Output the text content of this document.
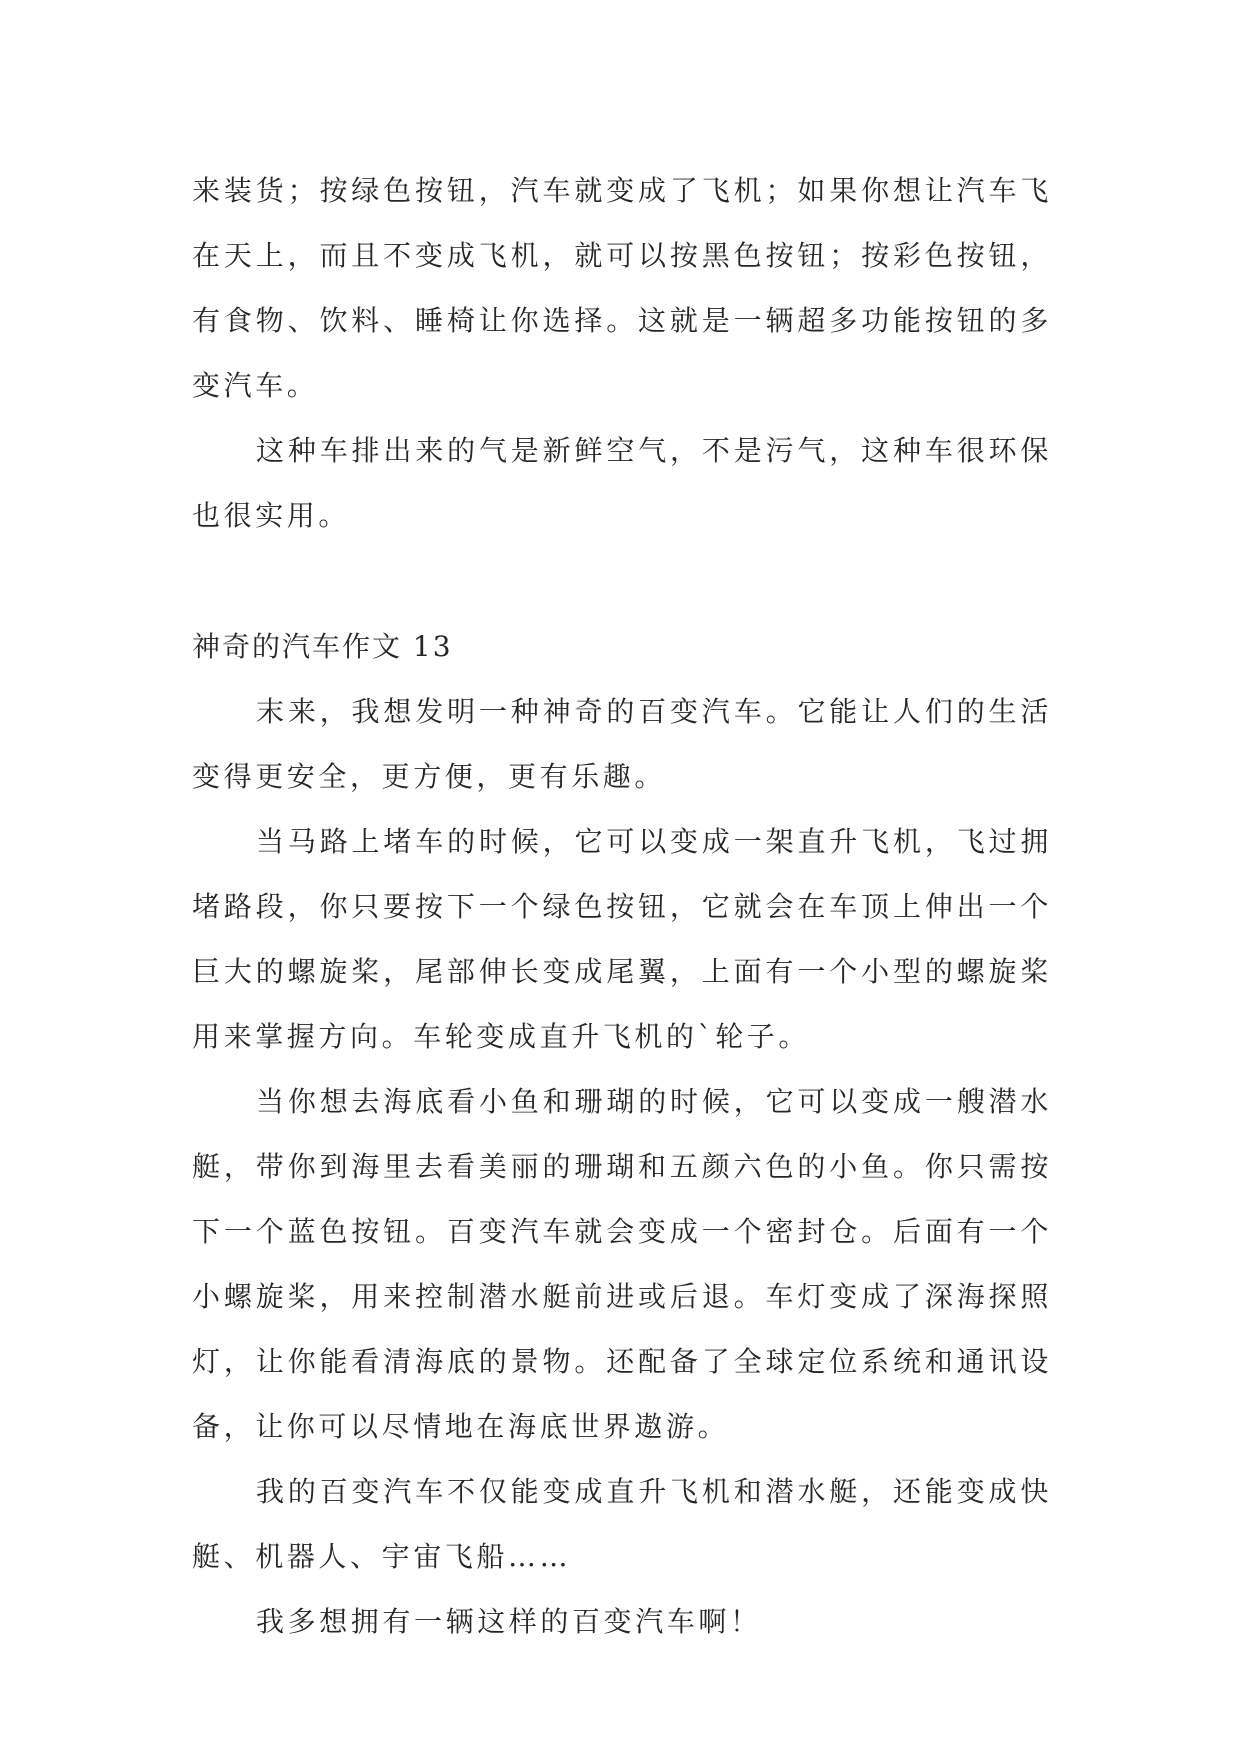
来装货；按绿色按钮，汽车就变成了飞机；如果你想让汽车飞在天上，而且不变成飞机，就可以按黑色按钮；按彩色按钮，有食物、饮料、睡椅让你选择。这就是一辆超多功能按钮的多变汽车。

这种车排出来的气是新鲜空气，不是污气，这种车很环保也很实用。

神奇的汽车作文 13

末来，我想发明一种神奇的百变汽车。它能让人们的生活变得更安全，更方便，更有乐趣。

当马路上堵车的时候，它可以变成一架直升飞机，飞过拥堵路段，你只要按下一个绿色按钮，它就会在车顶上伸出一个巨大的螺旋桨，尾部伸长变成尾翼，上面有一个小型的螺旋桨用来掌握方向。车轮变成直升飞机的`轮子。

当你想去海底看小鱼和珊瑚的时候，它可以变成一艘潜水艇，带你到海里去看美丽的珊瑚和五颜六色的小鱼。你只需按下一个蓝色按钮。百变汽车就会变成一个密封仓。后面有一个小螺旋桨，用来控制潜水艇前进或后退。车灯变成了深海探照灯，让你能看清海底的景物。还配备了全球定位系统和通讯设备，让你可以尽情地在海底世界遨游。

我的百变汽车不仅能变成直升飞机和潜水艇，还能变成快艇、机器人、宇宙飞船……

我多想拥有一辆这样的百变汽车啊！
